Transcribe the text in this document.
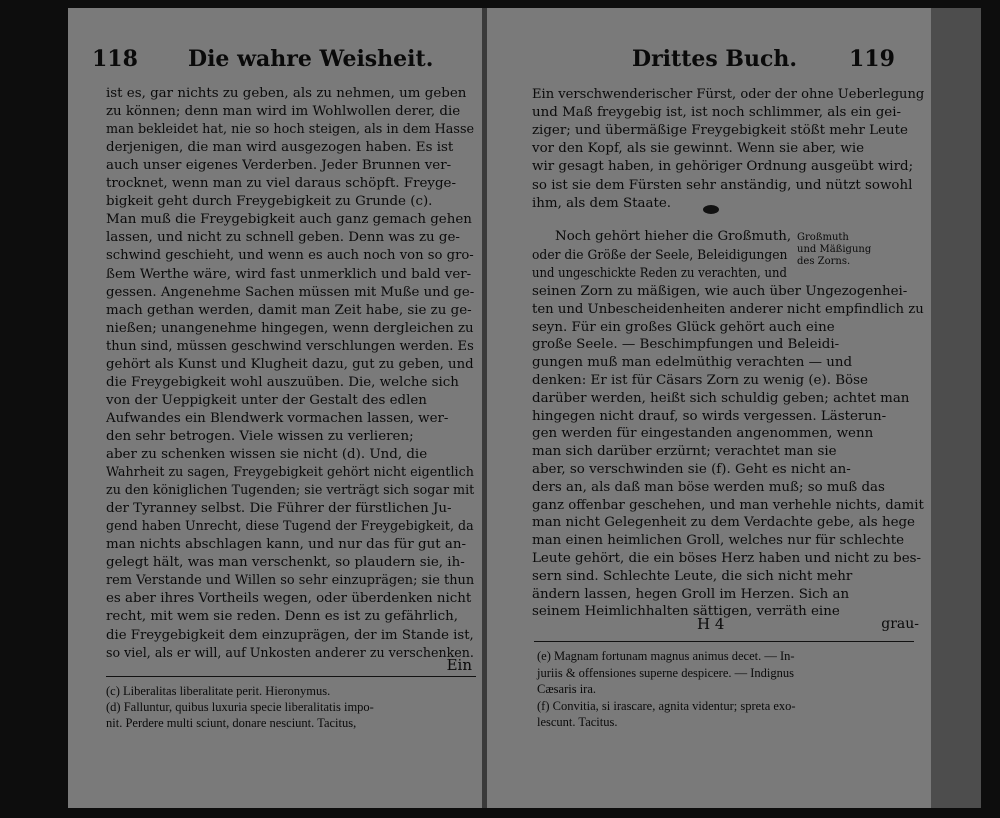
118 Die wahre Weisheit.
ist es, gar nichts zu geben, als zu nehmen, um geben
zu können; denn man wird im Wohlwollen derer, die
man bekleidet hat, nie so hoch steigen, als in dem Hasse
derjenigen, die man wird ausgezogen haben. Es ist
auch unser eigenes Verderben. Jeder Brunnen ver-
trocknet, wenn man zu viel daraus schöpft. Freyge-
bigkeit geht durch Freygebigkeit zu Grunde (c).
Man muß die Freygebigkeit auch ganz gemach gehen
lassen, und nicht zu schnell geben. Denn was zu ge-
schwind geschieht, und wenn es auch noch von so gro-
ßem Werthe wäre, wird fast unmerklich und bald ver-
gessen. Angenehme Sachen müssen mit Muße und ge-
mach gethan werden, damit man Zeit habe, sie zu ge-
nießen; unangenehme hingegen, wenn dergleichen zu
thun sind, müssen geschwind verschlungen werden. Es
gehört als Kunst und Klugheit dazu, gut zu geben, und
die Freygebigkeit wohl auszuüben. Die, welche sich
von der Ueppigkeit unter der Gestalt des edlen
Aufwandes ein Blendwerk vormachen lassen, wer-
den sehr betrogen. Viele wissen zu verlieren;
aber zu schenken wissen sie nicht (d). Und, die
Wahrheit zu sagen, Freygebigkeit gehört nicht eigentlich
zu den königlichen Tugenden; sie verträgt sich sogar mit
der Tyranney selbst. Die Führer der fürstlichen Ju-
gend haben Unrecht, diese Tugend der Freygebigkeit, da
man nichts abschlagen kann, und nur das für gut an-
gelegt hält, was man verschenkt, so plaudern sie, ih-
rem Verstande und Willen so sehr einzuprägen; sie thun
es aber ihres Vortheils wegen, oder überdenken nicht
recht, mit wem sie reden. Denn es ist zu gefährlich,
die Freygebigkeit dem einzuprägen, der im Stande ist,
so viel, als er will, auf Unkosten anderer zu verschenken.
Ein
(c) Liberalitas liberalitate perit. Hieronymus.
(d) Falluntur, quibus luxuria specie liberalitatis impo-
nit. Perdere multi sciunt, donare nesciunt. Tacitus,
Drittes Buch. 119
Ein verschwenderischer Fürst, oder der ohne Ueberlegung
und Maß freygebig ist, ist noch schlimmer, als ein gei-
ziger; und übermäßige Freygebigkeit stößt mehr Leute
vor den Kopf, als sie gewinnt. Wenn sie aber, wie
wir gesagt haben, in gehöriger Ordnung ausgeübt wird;
so ist sie dem Fürsten sehr anständig, und nützt sowohl
ihm, als dem Staate.
Noch gehört hieher die Großmuth,
oder die Größe der Seele, Beleidigungen
und ungeschickte Reden zu verachten, und
seinen Zorn zu mäßigen, wie auch über Ungezogenhei-
ten und Unbescheidenheiten anderer nicht empfindlich zu
seyn. Für ein großes Glück gehört auch eine
große Seele. — Beschimpfungen und Beleidi-
gungen muß man edelmüthig verachten — und
denken: Er ist für Cäsars Zorn zu wenig (e). Böse
darüber werden, heißt sich schuldig geben; achtet man
hingegen nicht drauf, so wirds vergessen. Lästerun-
gen werden für eingestanden angenommen, wenn
man sich darüber erzürnt; verachtet man sie
aber, so verschwinden sie (f). Geht es nicht an-
ders an, als daß man böse werden muß; so muß das
ganz offenbar geschehen, und man verhehle nichts, damit
man nicht Gelegenheit zu dem Verdachte gebe, als hege
man einen heimlichen Groll, welches nur für schlechte
Leute gehört, die ein böses Herz haben und nicht zu bes-
sern sind. Schlechte Leute, die sich nicht mehr
ändern lassen, hegen Groll im Herzen. Sich an
seinem Heimlichhalten sättigen, verräth eine
Großmuth
und Mäßigung
des Zorns.
H 4	grau-
(e) Magnam fortunam magnus animus decet. — In-
juriis & offensiones superne despicere. — Indignus
Cæsaris ira.
(f) Convitia, si irascare, agnita videntur; spreta exo-
lescunt. Tacitus.
